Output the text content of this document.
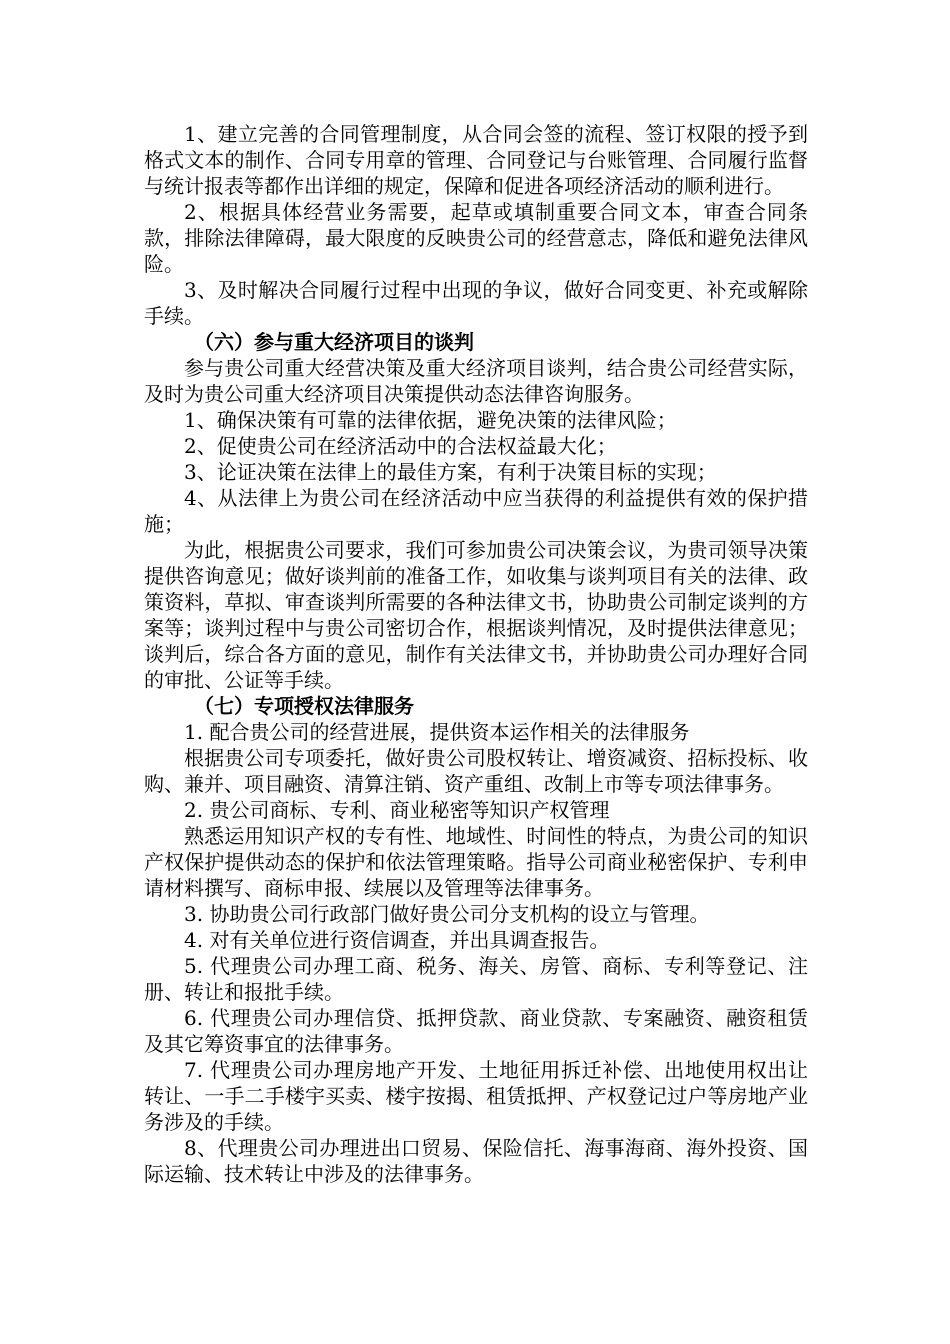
1、建立完善的合同管理制度，从合同会签的流程、签订权限的授予到格式文本的制作、合同专用章的管理、合同登记与台账管理、合同履行监督与统计报表等都作出详细的规定，保障和促进各项经济活动的顺利进行。

2、根据具体经营业务需要，起草或填制重要合同文本，审查合同条款，排除法律障碍，最大限度的反映贵公司的经营意志，降低和避免法律风险。

3、及时解决合同履行过程中出现的争议，做好合同变更、补充或解除手续。

（六）参与重大经济项目的谈判

参与贵公司重大经营决策及重大经济项目谈判，结合贵公司经营实际，及时为贵公司重大经济项目决策提供动态法律咨询服务。

1、确保决策有可靠的法律依据，避免决策的法律风险；

2、促使贵公司在经济活动中的合法权益最大化；

3、论证决策在法律上的最佳方案，有利于决策目标的实现；

4、从法律上为贵公司在经济活动中应当获得的利益提供有效的保护措施；

为此，根据贵公司要求，我们可参加贵公司决策会议，为贵司领导决策提供咨询意见；做好谈判前的准备工作，如收集与谈判项目有关的法律、政策资料，草拟、审查谈判所需要的各种法律文书，协助贵公司制定谈判的方案等；谈判过程中与贵公司密切合作，根据谈判情况，及时提供法律意见；谈判后，综合各方面的意见，制作有关法律文书，并协助贵公司办理好合同的审批、公证等手续。

（七）专项授权法律服务

1. 配合贵公司的经营进展，提供资本运作相关的法律服务

根据贵公司专项委托，做好贵公司股权转让、增资减资、招标投标、收购、兼并、项目融资、清算注销、资产重组、改制上市等专项法律事务。

2. 贵公司商标、专利、商业秘密等知识产权管理

熟悉运用知识产权的专有性、地域性、时间性的特点，为贵公司的知识产权保护提供动态的保护和依法管理策略。指导公司商业秘密保护、专利申请材料撰写、商标申报、续展以及管理等法律事务。

3. 协助贵公司行政部门做好贵公司分支机构的设立与管理。

4. 对有关单位进行资信调查，并出具调查报告。

5. 代理贵公司办理工商、税务、海关、房管、商标、专利等登记、注册、转让和报批手续。

6. 代理贵公司办理信贷、抵押贷款、商业贷款、专案融资、融资租赁及其它筹资事宜的法律事务。

7. 代理贵公司办理房地产开发、土地征用拆迁补偿、出地使用权出让转让、一手二手楼宇买卖、楼宇按揭、租赁抵押、产权登记过户等房地产业务涉及的手续。

8、代理贵公司办理进出口贸易、保险信托、海事海商、海外投资、国际运输、技术转让中涉及的法律事务。
